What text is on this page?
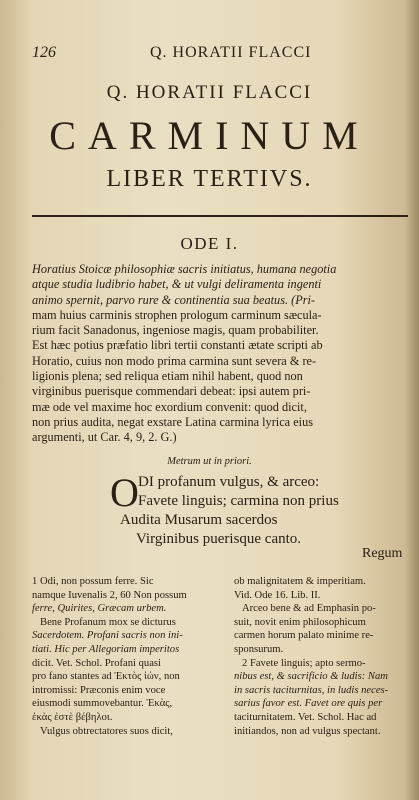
126	Q. HORATII FLACCI
Q. HORATII FLACCI
CARMINUM
LIBER TERTIVS.
ODE I.
Horatius Stoicæ philosophiæ sacris initiatus, humana negotia
atque studia ludibrio habet, & ut vulgi deliramenta ingenti
animo spernit, parvo rure & continentia sua beatus. (Pri-
mam huius carminis strophen prologum carminum sæcula-
rium facit Sanadonus, ingeniose magis, quam probabiliter.
Est hæc potius præfatio libri tertii constanti ætate scripti ab
Horatio, cuius non modo prima carmina sunt severa & re-
ligionis plena; sed reliqua etiam nihil habent, quod non
virginibus puerisque commendari debeat: ipsi autem pri-
mæ ode vel maxime hoc exordium convenit: quod dicit,
non prius audita, negat exstare Latina carmina lyrica eius
argumenti, ut Car. 4, 9, 2. G.)
Metrum ut in priori.
O DI profanum vulgus, & arceo:
Favete linguis; carmina non prius
Audita Musarum sacerdos
Virginibus puerisque canto.
Regum
1 Odi, non possum ferre. Sic
namque Iuvenalis 2, 60 Non possum
ferre, Quirites, Græcam urbem.
Bene Profanum mox se dicturus
Sacerdotem. Profani sacris non ini-
tiati. Hic per Allegoriam imperitos
dicit. Vet. Schol. Profani quasi
pro fano stantes ad Ἐκτὸς ἰών, non
intromissi: Præconis enim voce
eiusmodi summovebantur. Ἑκὰς,
ἑκὰς ἐστὲ βέβηλοι.
Vulgus obtrectatores suos dicit,
ob malignitatem & imperitiam.
Vid. Ode 16. Lib. II.
Arceo bene & ad Emphasin po-
suit, novit enim philosophicum
carmen horum palato minime re-
sponsurum.
2 Favete linguis; apto sermo-
nibus est, & sacrificio & ludis: Nam
in sacris taciturnitas, in ludis neces-
sarius favor est. Favet ore quis per
taciturnitatem. Vet. Schol. Hac ad
initiandos, non ad vulgus spectant.
